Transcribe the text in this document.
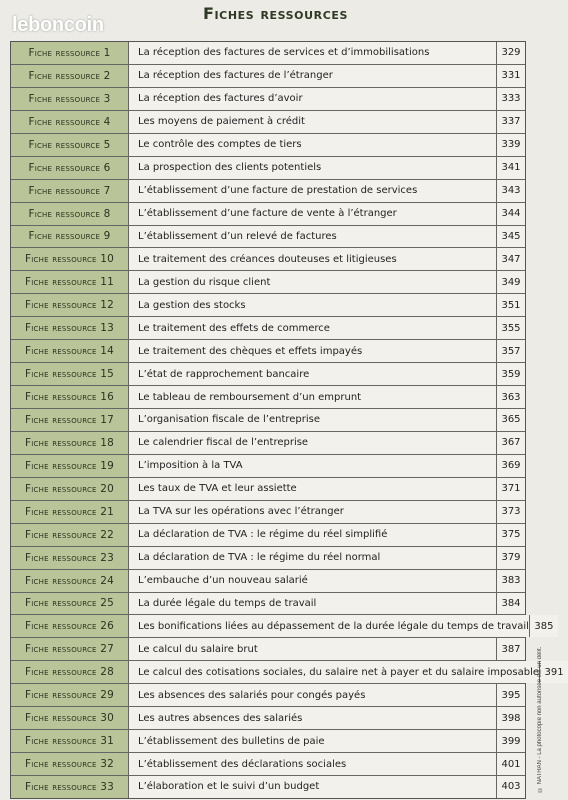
leboncoin
Fiches ressources
Fiche ressource 1	La réception des factures de services et d’immobilisations	329
Fiche ressource 2	La réception des factures de l’étranger	331
Fiche ressource 3	La réception des factures d’avoir	333
Fiche ressource 4	Les moyens de paiement à crédit	337
Fiche ressource 5	Le contrôle des comptes de tiers	339
Fiche ressource 6	La prospection des clients potentiels	341
Fiche ressource 7	L’établissement d’une facture de prestation de services	343
Fiche ressource 8	L’établissement d’une facture de vente à l’étranger	344
Fiche ressource 9	L’établissement d’un relevé de factures	345
Fiche ressource 10	Le traitement des créances douteuses et litigieuses	347
Fiche ressource 11	La gestion du risque client	349
Fiche ressource 12	La gestion des stocks	351
Fiche ressource 13	Le traitement des effets de commerce	355
Fiche ressource 14	Le traitement des chèques et effets impayés	357
Fiche ressource 15	L’état de rapprochement bancaire	359
Fiche ressource 16	Le tableau de remboursement d’un emprunt	363
Fiche ressource 17	L’organisation fiscale de l’entreprise	365
Fiche ressource 18	Le calendrier fiscal de l’entreprise	367
Fiche ressource 19	L’imposition à la TVA	369
Fiche ressource 20	Les taux de TVA et leur assiette	371
Fiche ressource 21	La TVA sur les opérations avec l’étranger	373
Fiche ressource 22	La déclaration de TVA : le régime du réel simplifié	375
Fiche ressource 23	La déclaration de TVA : le régime du réel normal	379
Fiche ressource 24	L’embauche d’un nouveau salarié	383
Fiche ressource 25	La durée légale du temps de travail	384
Fiche ressource 26	Les bonifications liées au dépassement de la durée légale du temps de travail 385
Fiche ressource 27	Le calcul du salaire brut	387
Fiche ressource 28	Le calcul des cotisations sociales, du salaire net à payer et du salaire imposable 391
Fiche ressource 29	Les absences des salariés pour congés payés	395
Fiche ressource 30	Les autres absences des salariés	398
Fiche ressource 31	L’établissement des bulletins de paie	399
Fiche ressource 32	L’établissement des déclarations sociales	401
Fiche ressource 33	L’élaboration et le suivi d’un budget	403	© NATHAN - La photocopie non autorisée est un délit.
